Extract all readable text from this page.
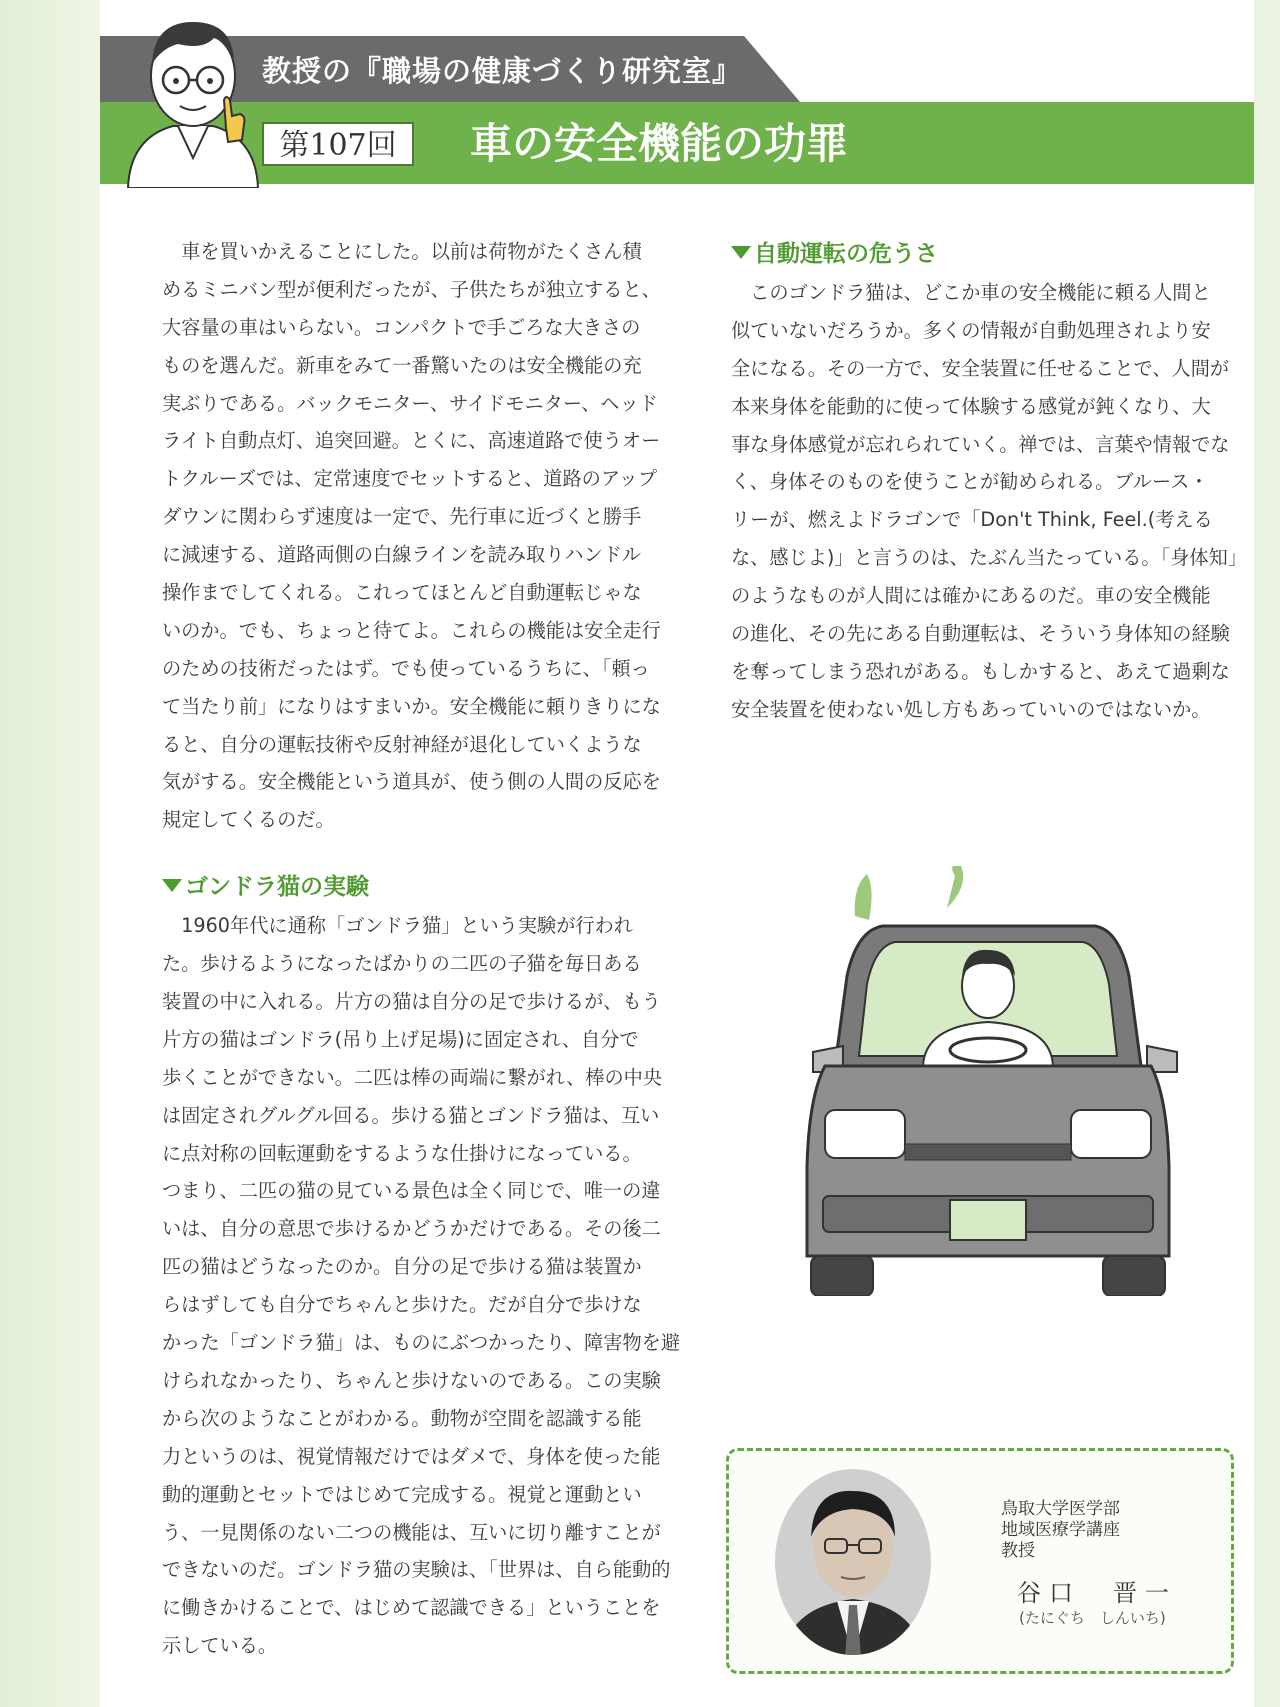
教授の『職場の健康づくり研究室』
第107回	車の安全機能の功罪
　車を買いかえることにした。以前は荷物がたくさん積
めるミニバン型が便利だったが、子供たちが独立すると、
大容量の車はいらない。コンパクトで手ごろな大きさの
ものを選んだ。新車をみて一番驚いたのは安全機能の充
実ぶりである。バックモニター、サイドモニター、ヘッド
ライト自動点灯、追突回避。とくに、高速道路で使うオー
トクルーズでは、定常速度でセットすると、道路のアップ
ダウンに関わらず速度は一定で、先行車に近づくと勝手
に減速する、道路両側の白線ラインを読み取りハンドル
操作までしてくれる。これってほとんど自動運転じゃな
いのか。でも、ちょっと待てよ。これらの機能は安全走行
のための技術だったはず。でも使っているうちに、「頼っ
て当たり前」になりはすまいか。安全機能に頼りきりにな
ると、自分の運転技術や反射神経が退化していくような
気がする。安全機能という道具が、使う側の人間の反応を
規定してくるのだ。
ゴンドラ猫の実験
　1960年代に通称「ゴンドラ猫」という実験が行われ
た。歩けるようになったばかりの二匹の子猫を毎日ある
装置の中に入れる。片方の猫は自分の足で歩けるが、もう
片方の猫はゴンドラ(吊り上げ足場)に固定され、自分で
歩くことができない。二匹は棒の両端に繋がれ、棒の中央
は固定されグルグル回る。歩ける猫とゴンドラ猫は、互い
に点対称の回転運動をするような仕掛けになっている。
つまり、二匹の猫の見ている景色は全く同じで、唯一の違
いは、自分の意思で歩けるかどうかだけである。その後二
匹の猫はどうなったのか。自分の足で歩ける猫は装置か
らはずしても自分でちゃんと歩けた。だが自分で歩けな
かった「ゴンドラ猫」は、ものにぶつかったり、障害物を避
けられなかったり、ちゃんと歩けないのである。この実験
から次のようなことがわかる。動物が空間を認識する能
力というのは、視覚情報だけではダメで、身体を使った能
動的運動とセットではじめて完成する。視覚と運動とい
う、一見関係のない二つの機能は、互いに切り離すことが
できないのだ。ゴンドラ猫の実験は、「世界は、自ら能動的
に働きかけることで、はじめて認識できる」ということを
示している。
自動運転の危うさ
　このゴンドラ猫は、どこか車の安全機能に頼る人間と
似ていないだろうか。多くの情報が自動処理されより安
全になる。その一方で、安全装置に任せることで、人間が
本来身体を能動的に使って体験する感覚が鈍くなり、大
事な身体感覚が忘れられていく。禅では、言葉や情報でな
く、身体そのものを使うことが勧められる。ブルース・
リーが、燃えよドラゴンで「Don't Think, Feel.(考える
な、感じよ)」と言うのは、たぶん当たっている。「身体知」
のようなものが人間には確かにあるのだ。車の安全機能
の進化、その先にある自動運転は、そういう身体知の経験
を奪ってしまう恐れがある。もしかすると、あえて過剰な
安全装置を使わない処し方もあっていいのではないか。
鳥取大学医学部
地域医療学講座
教授
谷口　晋一
(たにぐち　しんいち)
